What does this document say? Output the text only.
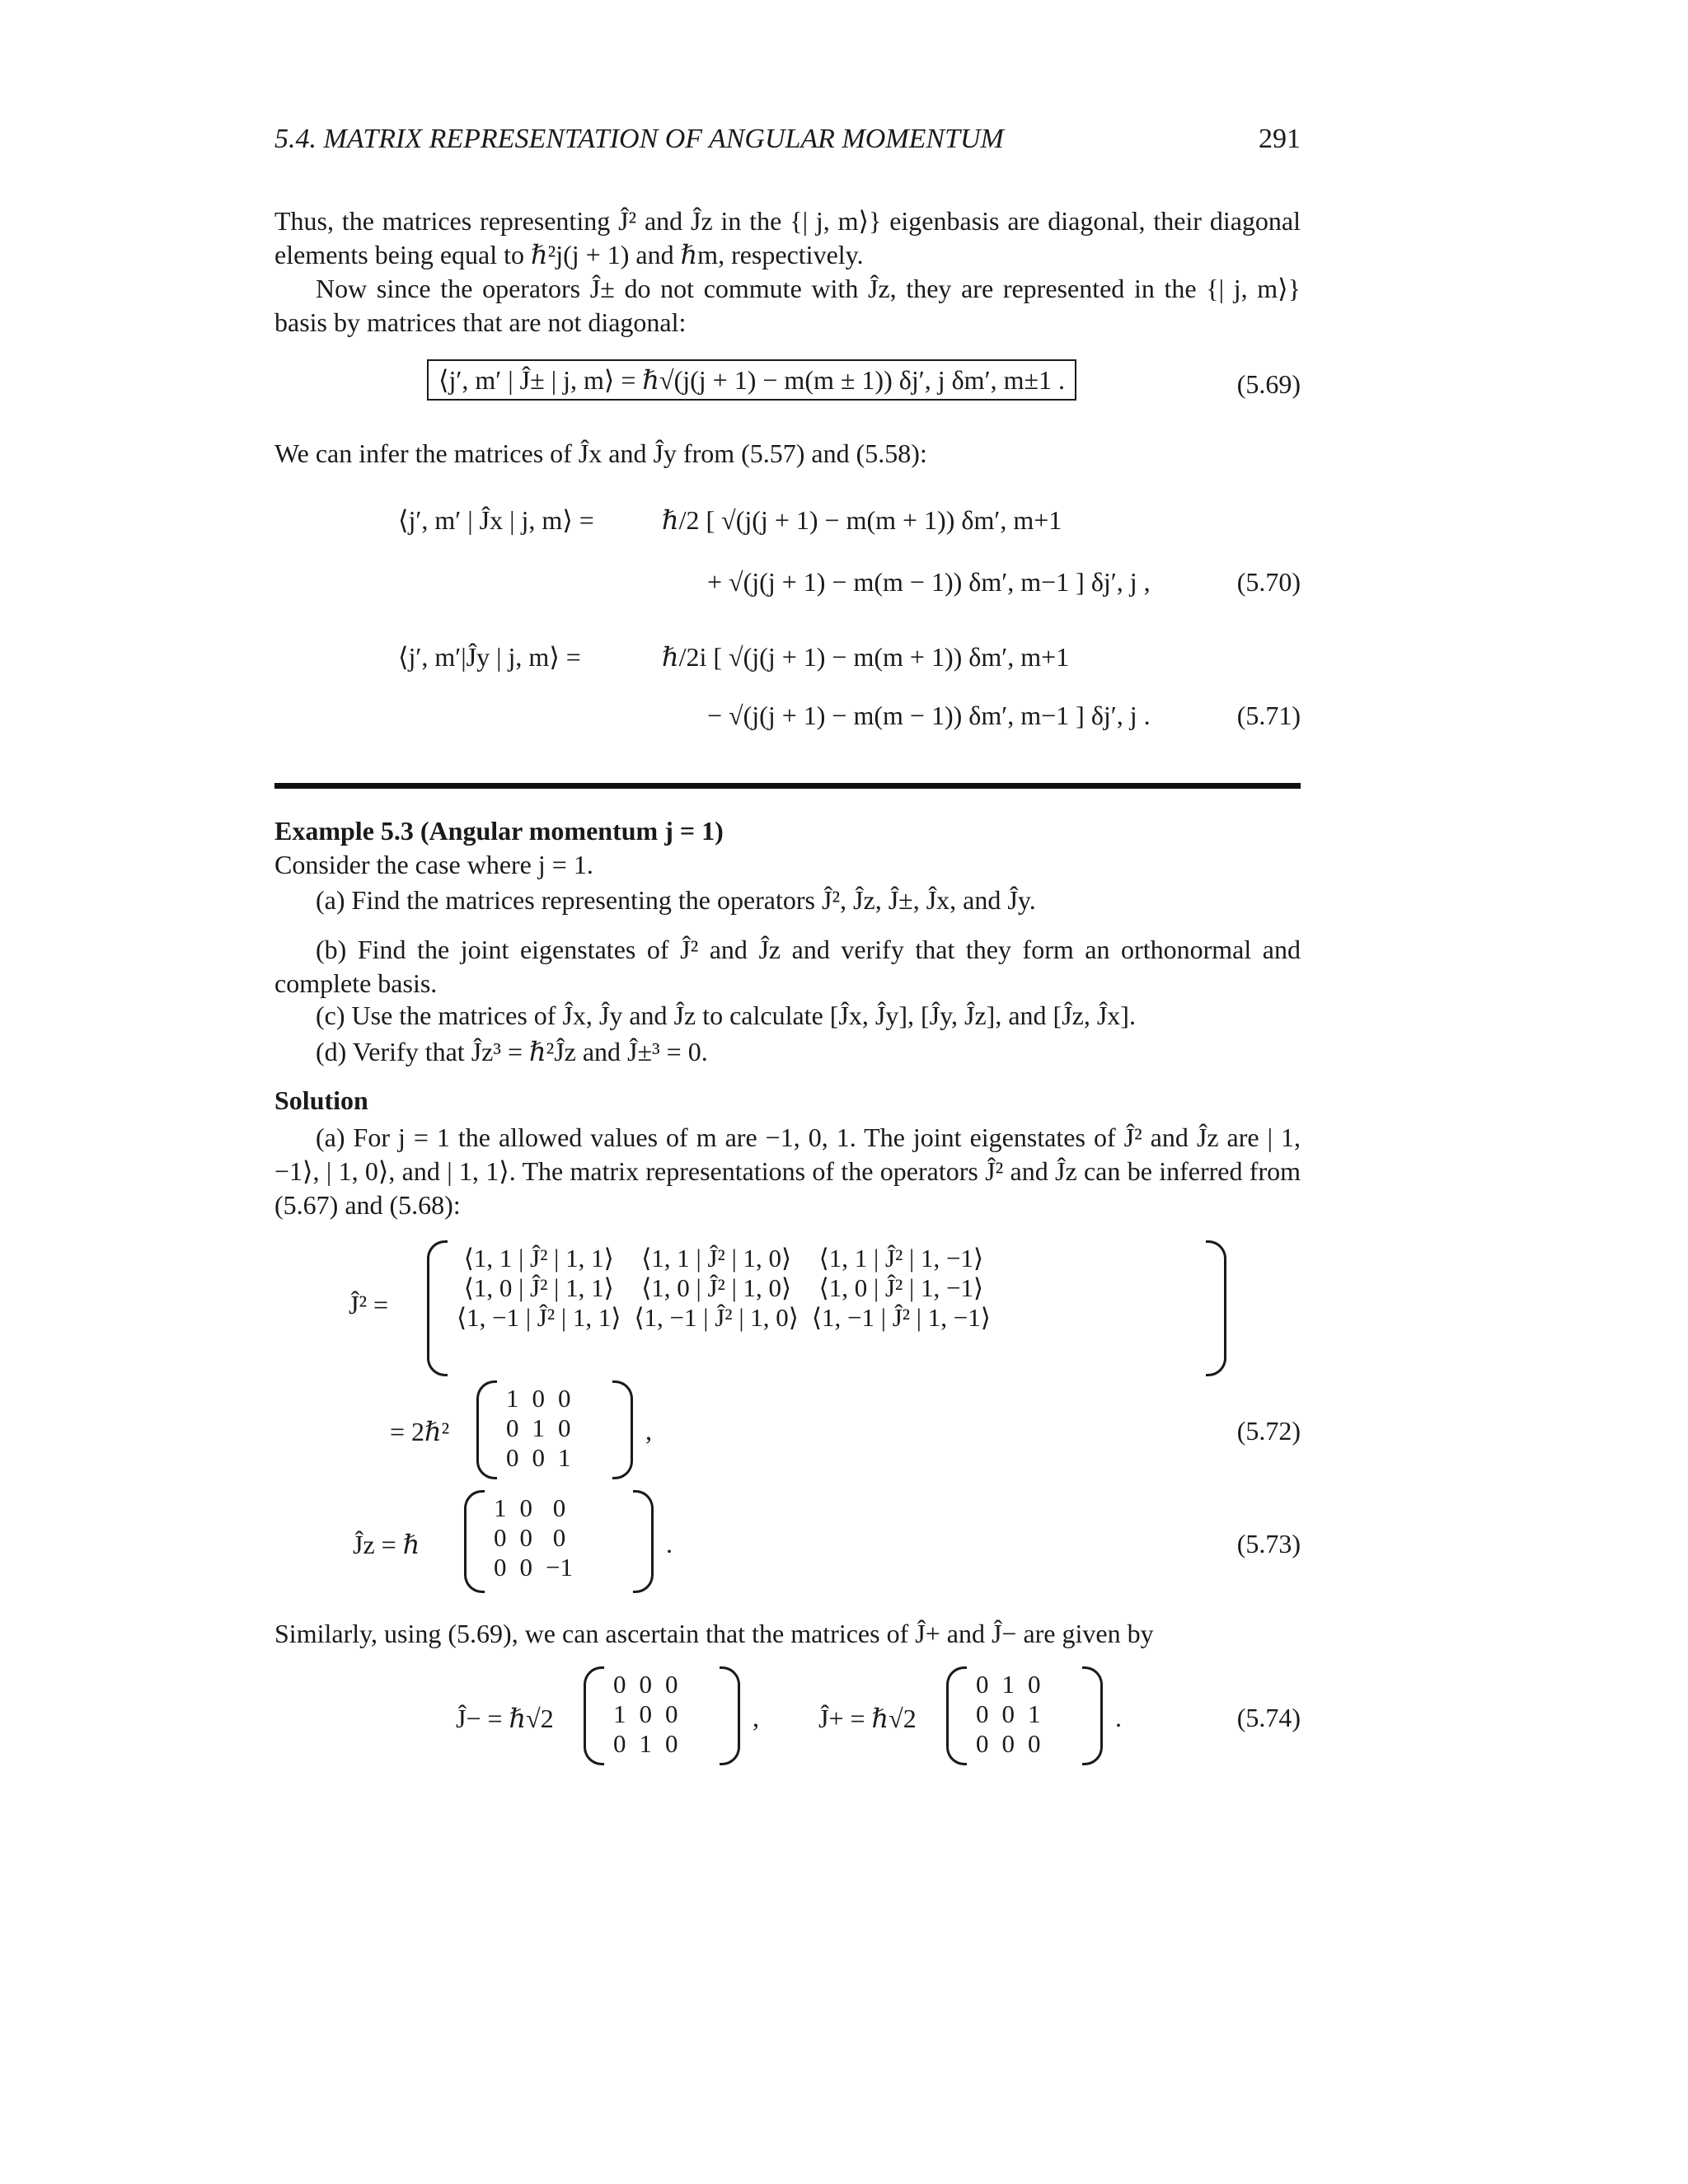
5.4. MATRIX REPRESENTATION OF ANGULAR MOMENTUM	291
Thus, the matrices representing Ĵ² and Ĵz in the {| j, m⟩} eigenbasis are diagonal, their diagonal elements being equal to ℏ²j(j + 1) and ℏm, respectively.
Now since the operators Ĵ± do not commute with Ĵz, they are represented in the {| j, m⟩} basis by matrices that are not diagonal:
⟨j′, m′ | Ĵ± | j, m⟩ = ℏ√(j(j + 1) − m(m ± 1)) δj′, j δm′, m±1 .	(5.69)
We can infer the matrices of Ĵx and Ĵy from (5.57) and (5.58):
⟨j′, m′ | Ĵx | j, m⟩ =	ℏ/2 [ √(j(j + 1) − m(m + 1)) δm′, m+1
+ √(j(j + 1) − m(m − 1)) δm′, m−1 ] δj′, j ,	(5.70)
⟨j′, m′|Ĵy | j, m⟩ =	ℏ/2i [ √(j(j + 1) − m(m + 1)) δm′, m+1
− √(j(j + 1) − m(m − 1)) δm′, m−1 ] δj′, j .	(5.71)
Example 5.3 (Angular momentum j = 1)
Consider the case where j = 1.
(a) Find the matrices representing the operators Ĵ², Ĵz, Ĵ±, Ĵx, and Ĵy.
(b) Find the joint eigenstates of Ĵ² and Ĵz and verify that they form an orthonormal and complete basis.
(c) Use the matrices of Ĵx, Ĵy and Ĵz to calculate [Ĵx, Ĵy], [Ĵy, Ĵz], and [Ĵz, Ĵx].
(d) Verify that Ĵz³ = ℏ²Ĵz and Ĵ±³ = 0.
Solution
(a) For j = 1 the allowed values of m are −1, 0, 1. The joint eigenstates of Ĵ² and Ĵz are | 1, −1⟩, | 1, 0⟩, and | 1, 1⟩. The matrix representations of the operators Ĵ² and Ĵz can be inferred from (5.67) and (5.68):
Ĵ² =
⟨1, 1 | Ĵ² | 1, 1⟩	⟨1, 1 | Ĵ² | 1, 0⟩	⟨1, 1 | Ĵ² | 1, −1⟩
⟨1, 0 | Ĵ² | 1, 1⟩	⟨1, 0 | Ĵ² | 1, 0⟩	⟨1, 0 | Ĵ² | 1, −1⟩
⟨1, −1 | Ĵ² | 1, 1⟩	⟨1, −1 | Ĵ² | 1, 0⟩	⟨1, −1 | Ĵ² | 1, −1⟩
= 2ℏ²
1	0	0
0	1	0
0	0	1
,	(5.72)
Ĵz = ℏ
1	0	0
0	0	0
0	0	−1
.	(5.73)
Similarly, using (5.69), we can ascertain that the matrices of Ĵ+ and Ĵ− are given by
Ĵ− = ℏ√2
0	0	0
1	0	0
0	1	0
, Ĵ+ = ℏ√2
0	1	0
0	0	1
0	0	0
.	(5.74)
